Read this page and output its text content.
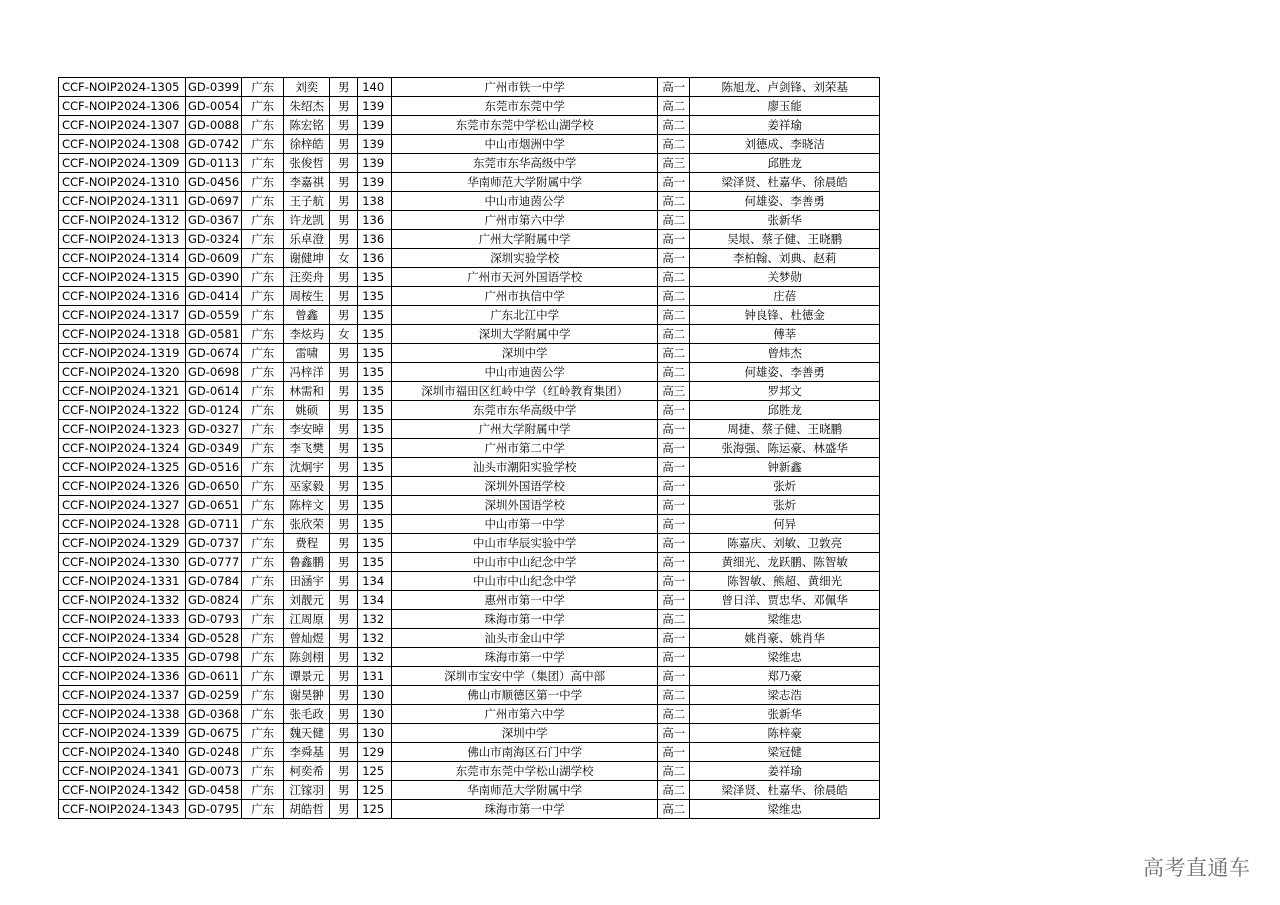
CCF-NOIP2024-1305	GD-0399	广东	刘奕	男	140	广州市铁一中学	高一	陈旭龙、卢剑锋、刘荣基
CCF-NOIP2024-1306	GD-0054	广东	朱绍杰	男	139	东莞市东莞中学	高二	廖玉能
CCF-NOIP2024-1307	GD-0088	广东	陈宏铭	男	139	东莞市东莞中学松山湖学校	高二	姜祥瑜
CCF-NOIP2024-1308	GD-0742	广东	徐梓皓	男	139	中山市烟洲中学	高二	刘德成、李晓洁
CCF-NOIP2024-1309	GD-0113	广东	张俊哲	男	139	东莞市东华高级中学	高三	邱胜龙
CCF-NOIP2024-1310	GD-0456	广东	李嘉祺	男	139	华南师范大学附属中学	高一	梁泽贤、杜嘉华、徐晨皓
CCF-NOIP2024-1311	GD-0697	广东	王子航	男	138	中山市迪茵公学	高二	何雄姿、李善勇
CCF-NOIP2024-1312	GD-0367	广东	许龙凯	男	136	广州市第六中学	高二	张新华
CCF-NOIP2024-1313	GD-0324	广东	乐卓澄	男	136	广州大学附属中学	高一	吴垠、蔡子健、王晓鹏
CCF-NOIP2024-1314	GD-0609	广东	谢健坤	女	136	深圳实验学校	高一	李柏翰、刘典、赵莉
CCF-NOIP2024-1315	GD-0390	广东	汪奕舟	男	135	广州市天河外国语学校	高二	关梦勋
CCF-NOIP2024-1316	GD-0414	广东	周桉生	男	135	广州市执信中学	高二	庄蓓
CCF-NOIP2024-1317	GD-0559	广东	曾鑫	男	135	广东北江中学	高二	钟良锋、杜德金
CCF-NOIP2024-1318	GD-0581	广东	李炫玙	女	135	深圳大学附属中学	高二	傅莘
CCF-NOIP2024-1319	GD-0674	广东	雷啸	男	135	深圳中学	高二	曾炜杰
CCF-NOIP2024-1320	GD-0698	广东	冯梓洋	男	135	中山市迪茵公学	高二	何雄姿、李善勇
CCF-NOIP2024-1321	GD-0614	广东	林需和	男	135	深圳市福田区红岭中学（红岭教育集团）	高三	罗邦文
CCF-NOIP2024-1322	GD-0124	广东	姚硕	男	135	东莞市东华高级中学	高一	邱胜龙
CCF-NOIP2024-1323	GD-0327	广东	李安晫	男	135	广州大学附属中学	高一	周捷、蔡子健、王晓鹏
CCF-NOIP2024-1324	GD-0349	广东	李飞樊	男	135	广州市第二中学	高一	张海强、陈运豪、林盛华
CCF-NOIP2024-1325	GD-0516	广东	沈炯宇	男	135	汕头市潮阳实验学校	高一	钟新鑫
CCF-NOIP2024-1326	GD-0650	广东	巫家毅	男	135	深圳外国语学校	高一	张炘
CCF-NOIP2024-1327	GD-0651	广东	陈梓文	男	135	深圳外国语学校	高一	张炘
CCF-NOIP2024-1328	GD-0711	广东	张欣荣	男	135	中山市第一中学	高一	何异
CCF-NOIP2024-1329	GD-0737	广东	费程	男	135	中山市华辰实验中学	高一	陈嘉庆、刘敏、卫敦亮
CCF-NOIP2024-1330	GD-0777	广东	鲁鑫鹏	男	135	中山市中山纪念中学	高一	黄细光、龙跃鹏、陈智敏
CCF-NOIP2024-1331	GD-0784	广东	田涵宇	男	134	中山市中山纪念中学	高一	陈智敏、熊超、黄细光
CCF-NOIP2024-1332	GD-0824	广东	刘靓元	男	134	惠州市第一中学	高一	曾日洋、贾忠华、邓佩华
CCF-NOIP2024-1333	GD-0793	广东	江周原	男	132	珠海市第一中学	高二	梁维忠
CCF-NOIP2024-1334	GD-0528	广东	曾灿煜	男	132	汕头市金山中学	高一	姚肖豪、姚肖华
CCF-NOIP2024-1335	GD-0798	广东	陈剑栩	男	132	珠海市第一中学	高一	梁维忠
CCF-NOIP2024-1336	GD-0611	广东	谭景元	男	131	深圳市宝安中学（集团）高中部	高一	郑乃豪
CCF-NOIP2024-1337	GD-0259	广东	谢昊翀	男	130	佛山市顺德区第一中学	高二	梁志浩
CCF-NOIP2024-1338	GD-0368	广东	张毛政	男	130	广州市第六中学	高二	张新华
CCF-NOIP2024-1339	GD-0675	广东	魏天健	男	130	深圳中学	高一	陈梓豪
CCF-NOIP2024-1340	GD-0248	广东	李舜基	男	129	佛山市南海区石门中学	高一	梁冠健
CCF-NOIP2024-1341	GD-0073	广东	柯奕希	男	125	东莞市东莞中学松山湖学校	高二	姜祥瑜
CCF-NOIP2024-1342	GD-0458	广东	江镓羽	男	125	华南师范大学附属中学	高二	梁泽贤、杜嘉华、徐晨皓
CCF-NOIP2024-1343	GD-0795	广东	胡皓哲	男	125	珠海市第一中学	高二	梁维忠
高考直通车
